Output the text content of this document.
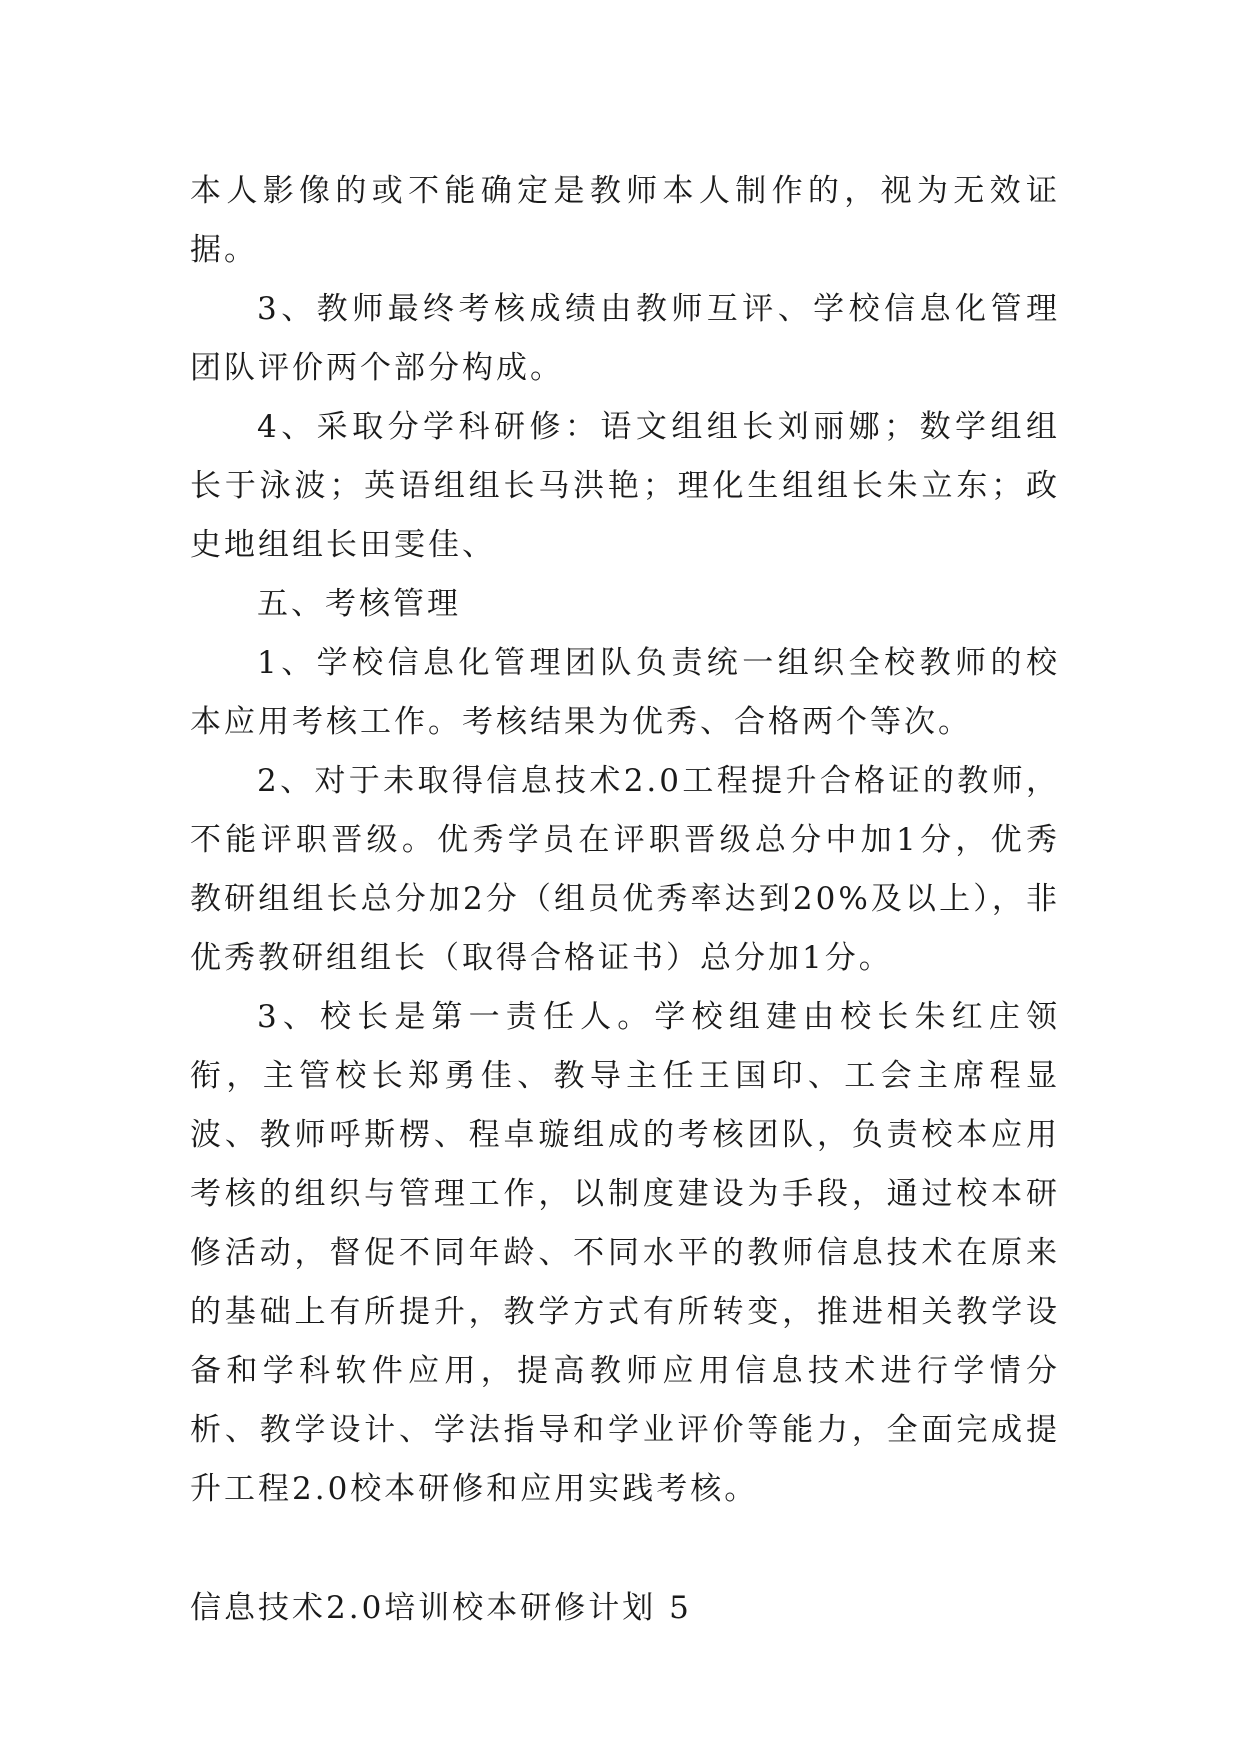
本人影像的或不能确定是教师本人制作的，视为无效证据。

3、教师最终考核成绩由教师互评、学校信息化管理团队评价两个部分构成。

4、采取分学科研修：语文组组长刘丽娜；数学组组长于泳波；英语组组长马洪艳；理化生组组长朱立东；政史地组组长田雯佳、

五、考核管理

1、学校信息化管理团队负责统一组织全校教师的校本应用考核工作。考核结果为优秀、合格两个等次。

2、对于未取得信息技术2.0工程提升合格证的教师，不能评职晋级。优秀学员在评职晋级总分中加1分，优秀教研组组长总分加2分（组员优秀率达到20%及以上），非优秀教研组组长（取得合格证书）总分加1分。

3、校长是第一责任人。学校组建由校长朱红庄领衔，主管校长郑勇佳、教导主任王国印、工会主席程显波、教师呼斯楞、程卓璇组成的考核团队，负责校本应用考核的组织与管理工作，以制度建设为手段，通过校本研修活动，督促不同年龄、不同水平的教师信息技术在原来的基础上有所提升，教学方式有所转变，推进相关教学设备和学科软件应用，提高教师应用信息技术进行学情分析、教学设计、学法指导和学业评价等能力，全面完成提升工程2.0校本研修和应用实践考核。

信息技术2.0培训校本研修计划 5
